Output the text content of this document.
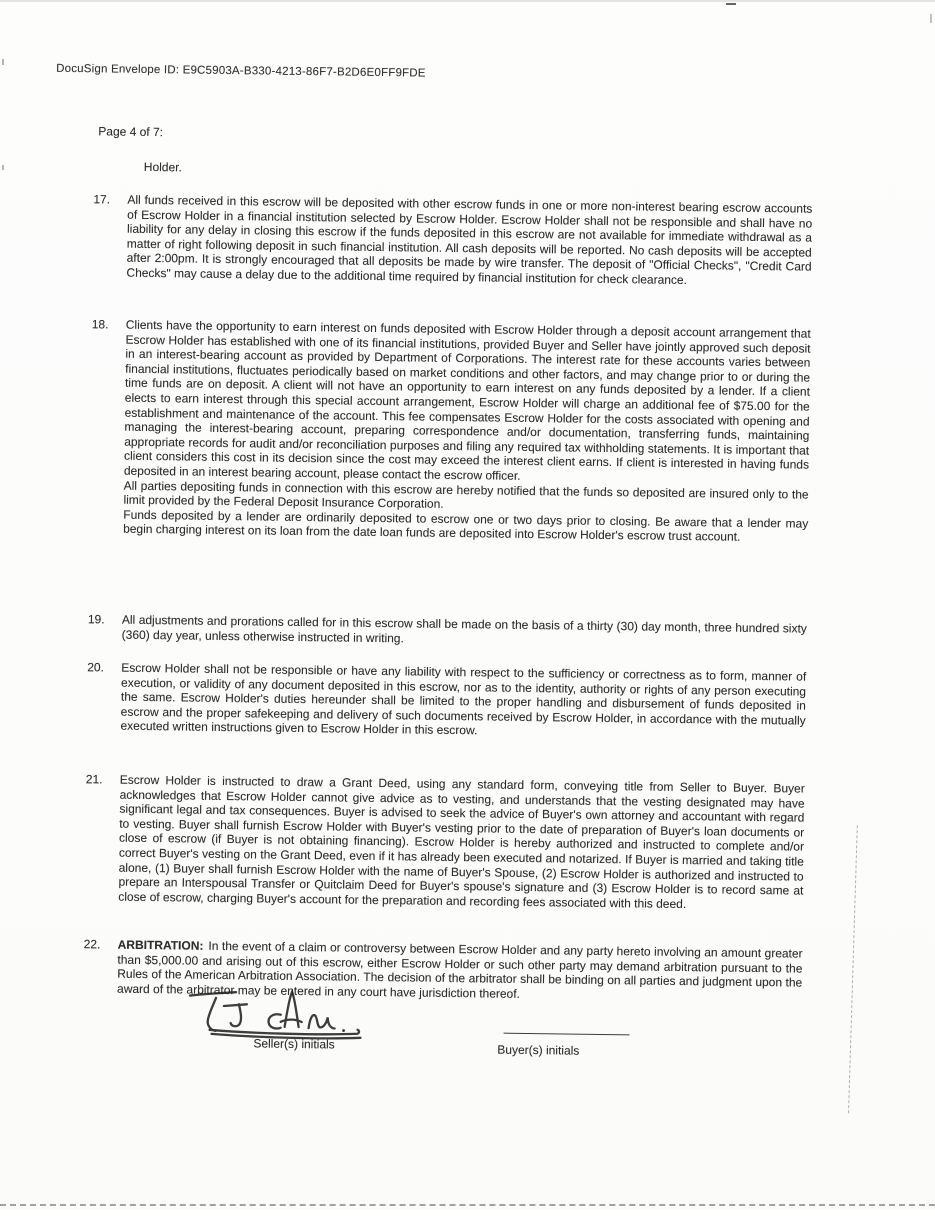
DocuSign Envelope ID: E9C5903A-B330-4213-86F7-B2D6E0FF9FDE
Page 4 of 7:
Holder.
17. All funds received in this escrow will be deposited with other escrow funds in one or more non-interest bearing escrow accounts of Escrow Holder in a financial institution selected by Escrow Holder. Escrow Holder shall not be responsible and shall have no liability for any delay in closing this escrow if the funds deposited in this escrow are not available for immediate withdrawal as a matter of right following deposit in such financial institution. All cash deposits will be reported. No cash deposits will be accepted after 2:00pm. It is strongly encouraged that all deposits be made by wire transfer. The deposit of "Official Checks", "Credit Card Checks" may cause a delay due to the additional time required by financial institution for check clearance.

18. Clients have the opportunity to earn interest on funds deposited with Escrow Holder through a deposit account arrangement that Escrow Holder has established with one of its financial institutions, provided Buyer and Seller have jointly approved such deposit in an interest-bearing account as provided by Department of Corporations. The interest rate for these accounts varies between financial institutions, fluctuates periodically based on market conditions and other factors, and may change prior to or during the time funds are on deposit. A client will not have an opportunity to earn interest on any funds deposited by a lender. If a client elects to earn interest through this special account arrangement, Escrow Holder will charge an additional fee of $75.00 for the establishment and maintenance of the account. This fee compensates Escrow Holder for the costs associated with opening and managing the interest-bearing account, preparing correspondence and/or documentation, transferring funds, maintaining appropriate records for audit and/or reconciliation purposes and filing any required tax withholding statements. It is important that client considers this cost in its decision since the cost may exceed the interest client earns. If client is interested in having funds deposited in an interest bearing account, please contact the escrow officer.

All parties depositing funds in connection with this escrow are hereby notified that the funds so deposited are insured only to the limit provided by the Federal Deposit Insurance Corporation.

Funds deposited by a lender are ordinarily deposited to escrow one or two days prior to closing. Be aware that a lender may begin charging interest on its loan from the date loan funds are deposited into Escrow Holder's escrow trust account.

19. All adjustments and prorations called for in this escrow shall be made on the basis of a thirty (30) day month, three hundred sixty (360) day year, unless otherwise instructed in writing.

20. Escrow Holder shall not be responsible or have any liability with respect to the sufficiency or correctness as to form, manner of execution, or validity of any document deposited in this escrow, nor as to the identity, authority or rights of any person executing the same. Escrow Holder's duties hereunder shall be limited to the proper handling and disbursement of funds deposited in escrow and the proper safekeeping and delivery of such documents received by Escrow Holder, in accordance with the mutually executed written instructions given to Escrow Holder in this escrow.

21. Escrow Holder is instructed to draw a Grant Deed, using any standard form, conveying title from Seller to Buyer. Buyer acknowledges that Escrow Holder cannot give advice as to vesting, and understands that the vesting designated may have significant legal and tax consequences. Buyer is advised to seek the advice of Buyer's own attorney and accountant with regard to vesting. Buyer shall furnish Escrow Holder with Buyer's vesting prior to the date of preparation of Buyer's loan documents or close of escrow (if Buyer is not obtaining financing). Escrow Holder is hereby authorized and instructed to complete and/or correct Buyer's vesting on the Grant Deed, even if it has already been executed and notarized. If Buyer is married and taking title alone, (1) Buyer shall furnish Escrow Holder with the name of Buyer's Spouse, (2) Escrow Holder is authorized and instructed to prepare an Interspousal Transfer or Quitclaim Deed for Buyer's spouse's signature and (3) Escrow Holder is to record same at close of escrow, charging Buyer's account for the preparation and recording fees associated with this deed.

22. ARBITRATION: In the event of a claim or controversy between Escrow Holder and any party hereto involving an amount greater than $5,000.00 and arising out of this escrow, either Escrow Holder or such other party may demand arbitration pursuant to the Rules of the American Arbitration Association. The decision of the arbitrator shall be binding on all parties and judgment upon the award of the arbitrator may be entered in any court have jurisdiction thereof.

Seller(s) initials	Buyer(s) initials
